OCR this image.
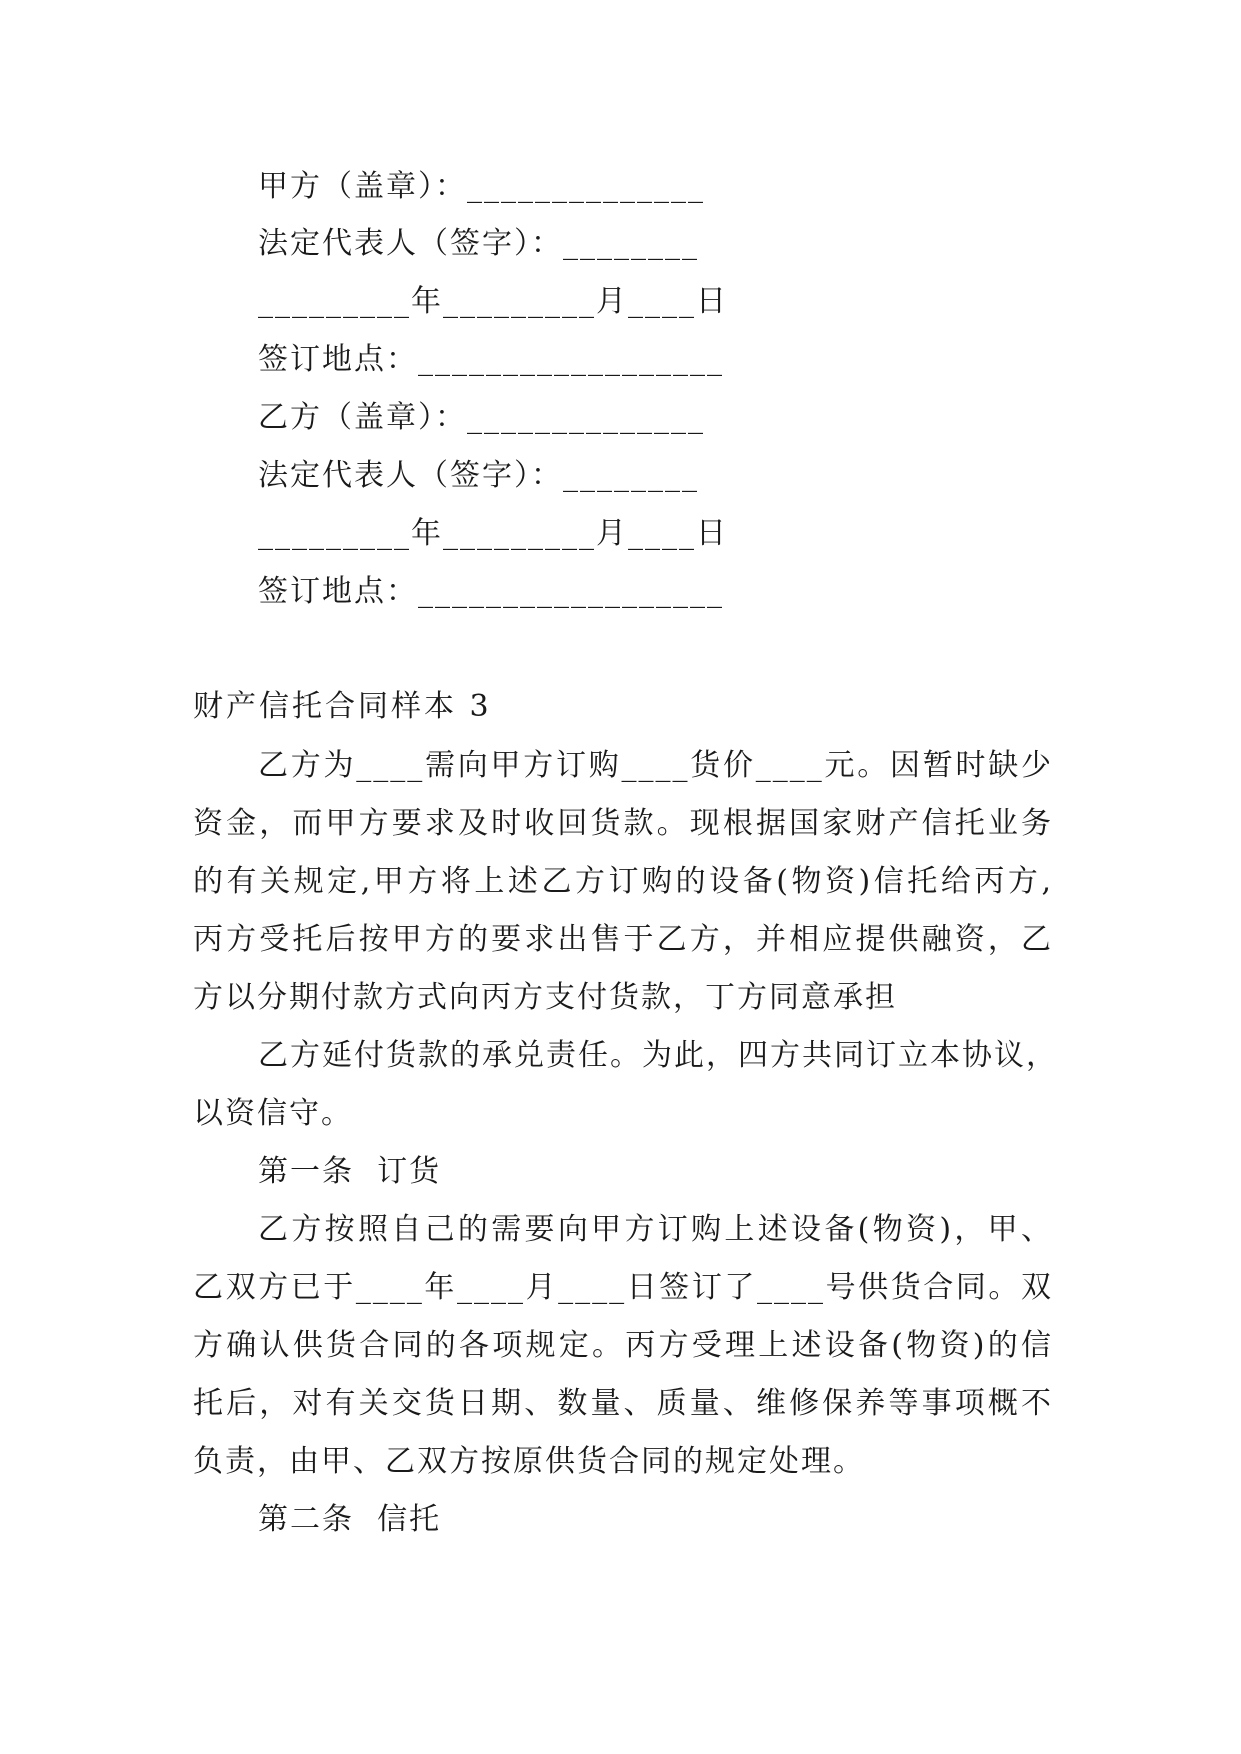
甲方（盖章）：______________
法定代表人（签字）：________
_________年_________月____日
签订地点：__________________
乙方（盖章）：______________
法定代表人（签字）：________
_________年_________月____日
签订地点：__________________
财产信托合同样本 3
乙方为____需向甲方订购____货价____元。因暂时缺少
资金，而甲方要求及时收回货款。现根据国家财产信托业务
的有关规定,甲方将上述乙方订购的设备(物资)信托给丙方,
丙方受托后按甲方的要求出售于乙方，并相应提供融资，乙
方以分期付款方式向丙方支付货款，丁方同意承担
乙方延付货款的承兑责任。为此，四方共同订立本协议，
以资信守。
第一条  订货
乙方按照自己的需要向甲方订购上述设备(物资)，甲、
乙双方已于____年____月____日签订了____号供货合同。双
方确认供货合同的各项规定。丙方受理上述设备(物资)的信
托后，对有关交货日期、数量、质量、维修保养等事项概不
负责，由甲、乙双方按原供货合同的规定处理。
第二条  信托
